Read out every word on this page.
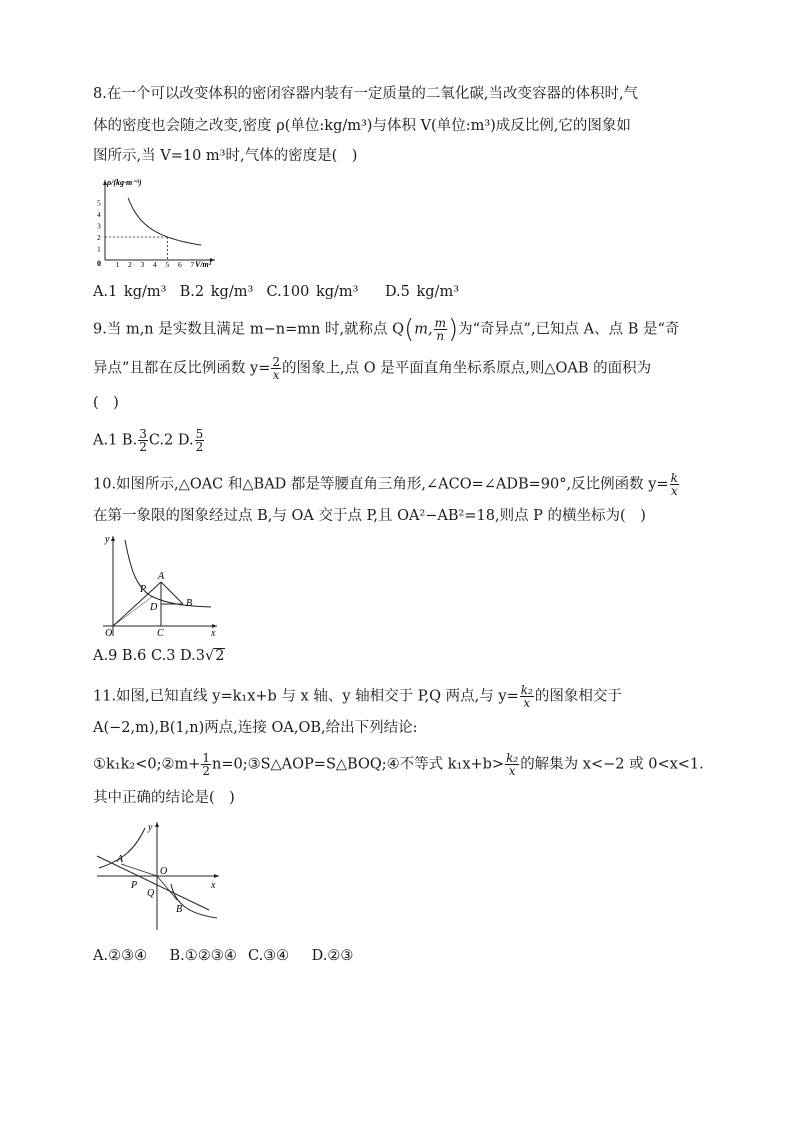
8.在一个可以改变体积的密闭容器内装有一定质量的二氧化碳,当改变容器的体积时,气
体的密度也会随之改变,密度 ρ(单位:kg/m³)与体积 V(单位:m³)成反比例,它的图象如
图所示,当 V=10 m³时,气体的密度是(　)
ρ/(kg·m⁻³)
V/m³
0 1 2 3 4 5 6 7
1
2
3
4
5
A.1 kg/m³ B.2 kg/m³ C.100 kg/m³ D.5 kg/m³
9.当 m,n 是实数且满足 m−n=mn 时,就称点 Q(m, $\frac{m}{n}$ )为“奇异点”,已知点 A、点 B 是“奇
异点”且都在反比例函数 $y= \frac{2}{x}$ 的图象上,点 O 是平面直角坐标系原点,则△OAB 的面积为
(　)
A.1 B. $\frac{3}{2} C.2$ D. $\frac{5}{2}$
10.如图所示,△OAC 和△BAD 都是等腰直角三角形,∠ACO=∠ADB=90°,反比例函数 $y= \frac{k}{x}$
在第一象限的图象经过点 B,与 OA 交于点 P,且 OA²−AB²=18,则点 P 的横坐标为(　)
y
x
O	C
A
P
D	B
A.9 B.6 C.3 D.3√2
11.如图,已知直线 y=k₁x+b 与 x 轴、y 轴相交于 P,Q 两点,与 $y= \frac{\text{k₂}}{x}$ 的图象相交于
A(−2,m),B(1,n)两点,连接 OA,OB,给出下列结论:
①k₁k₂<0;②m+ $\frac{1}{2}$ n=0;③S△AOP=S△BOQ;④不等式 $k_1x+b> \frac{\text{k₂}}{x}$ 的解集为 x<−2 或 0<x<1.
其中正确的结论是(　)
y
x
O
A
P
Q
B
A.②③④ B.①②③④ C.③④ D.②③
